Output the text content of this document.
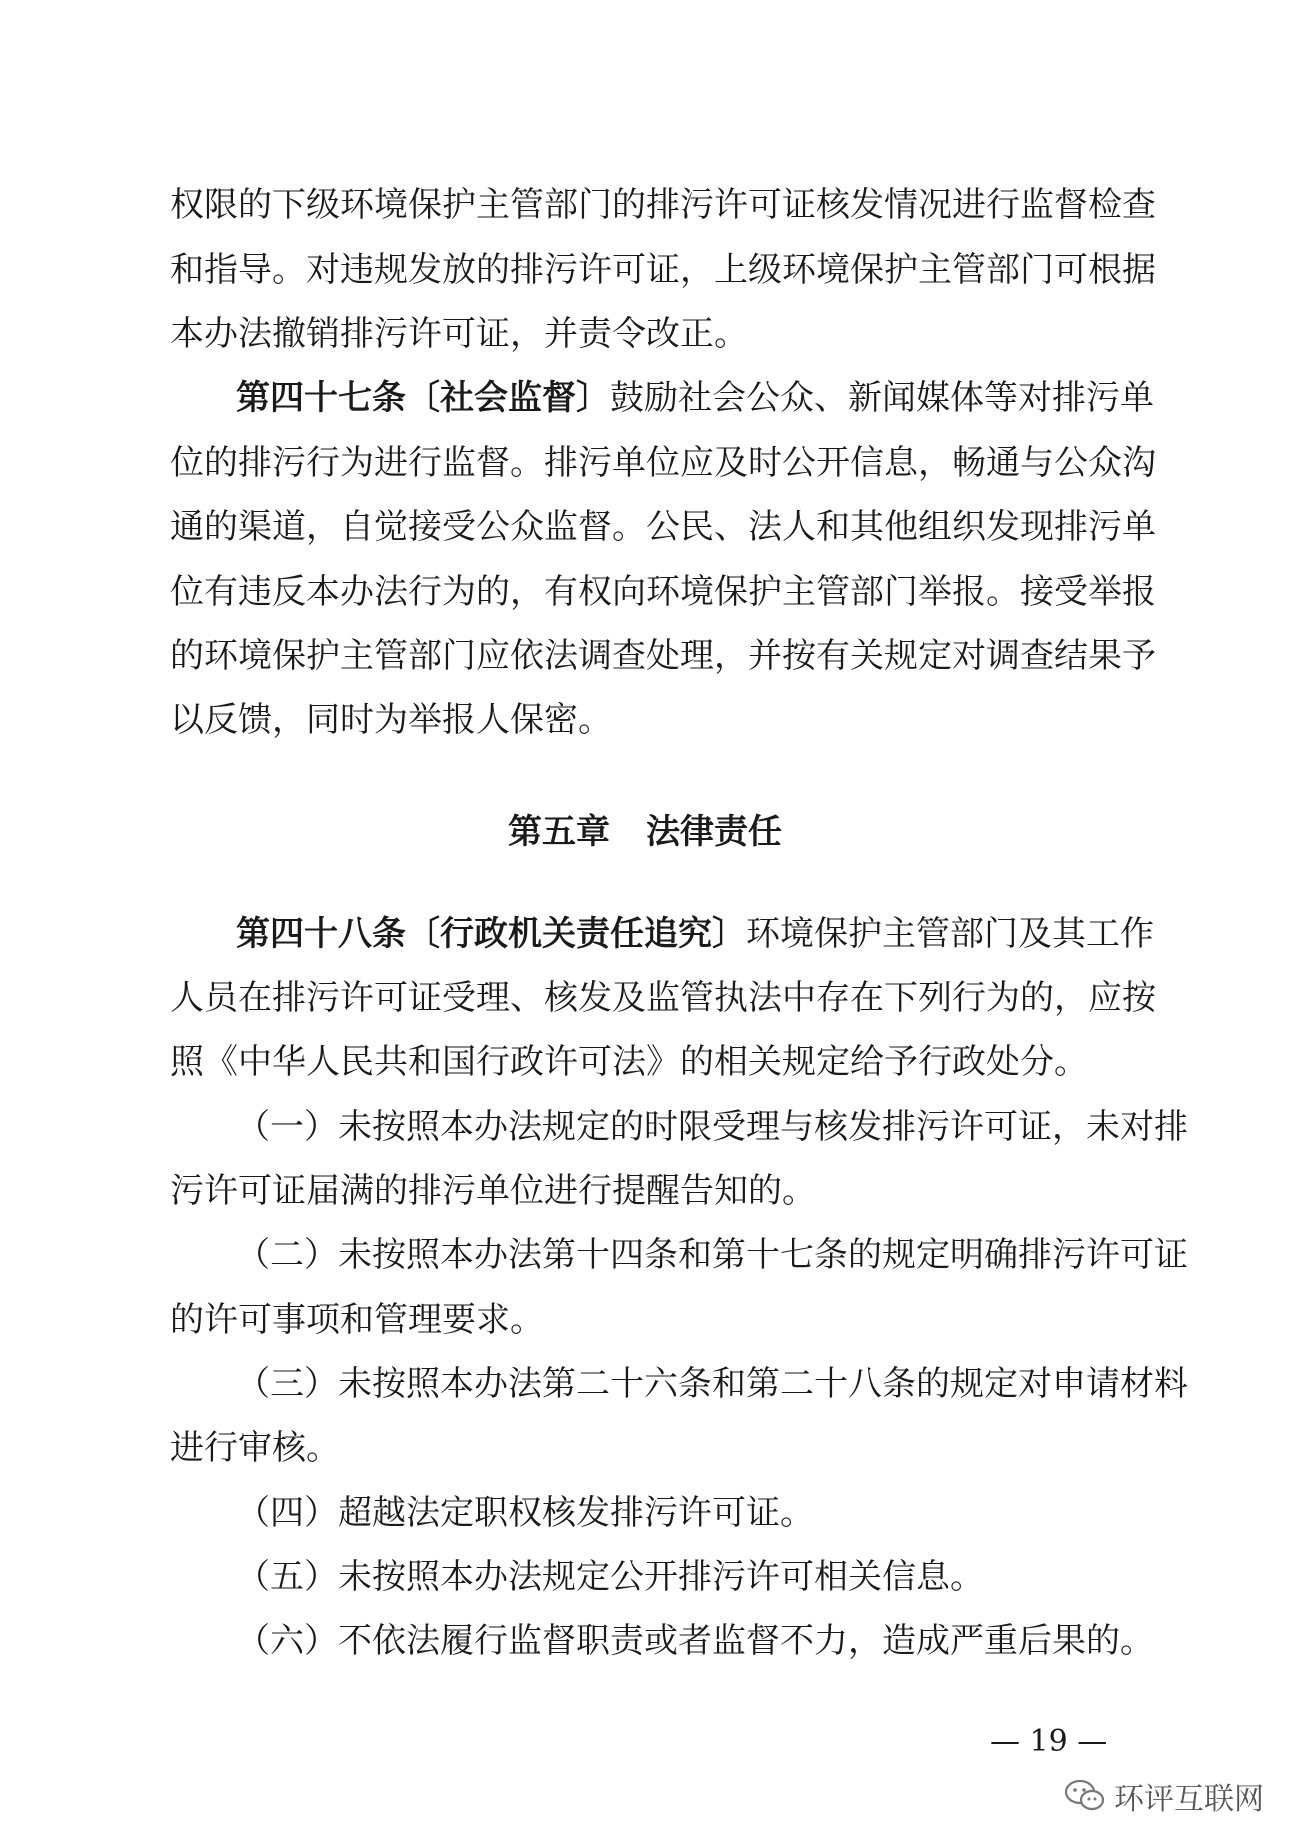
权限的下级环境保护主管部门的排污许可证核发情况进行监督检查
和指导。对违规发放的排污许可证，上级环境保护主管部门可根据
本办法撤销排污许可证，并责令改正。
第四十七条〔社会监督〕鼓励社会公众、新闻媒体等对排污单
位的排污行为进行监督。排污单位应及时公开信息，畅通与公众沟
通的渠道，自觉接受公众监督。公民、法人和其他组织发现排污单
位有违反本办法行为的，有权向环境保护主管部门举报。接受举报
的环境保护主管部门应依法调查处理，并按有关规定对调查结果予
以反馈，同时为举报人保密。
第五章 法律责任
第四十八条〔行政机关责任追究〕环境保护主管部门及其工作
人员在排污许可证受理、核发及监管执法中存在下列行为的，应按
照《中华人民共和国行政许可法》的相关规定给予行政处分。
（一）未按照本办法规定的时限受理与核发排污许可证，未对排
污许可证届满的排污单位进行提醒告知的。
（二）未按照本办法第十四条和第十七条的规定明确排污许可证
的许可事项和管理要求。
（三）未按照本办法第二十六条和第二十八条的规定对申请材料
进行审核。
（四）超越法定职权核发排污许可证。
（五）未按照本办法规定公开排污许可相关信息。
（六）不依法履行监督职责或者监督不力，造成严重后果的。
— 19 —
环评互联网
